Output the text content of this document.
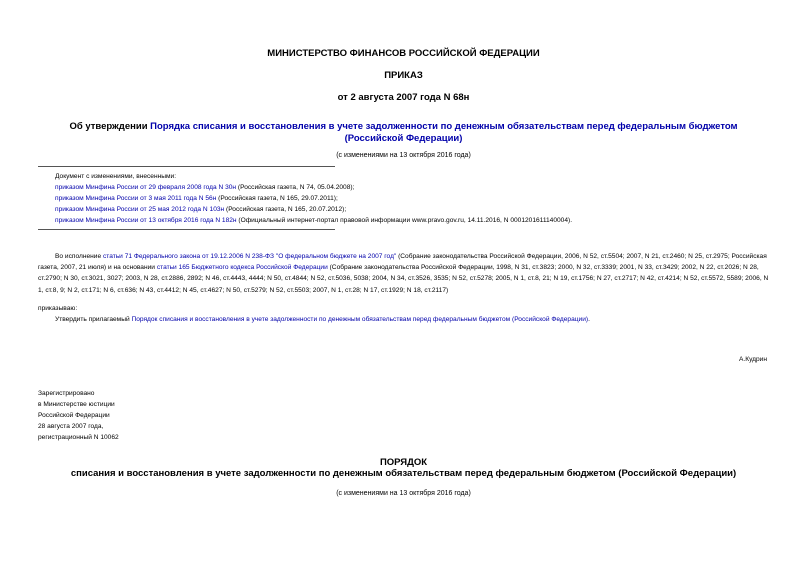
МИНИСТЕРСТВО ФИНАНСОВ РОССИЙСКОЙ ФЕДЕРАЦИИ
ПРИКАЗ
от 2 августа 2007 года N 68н
Об утверждении Порядка списания и восстановления в учете задолженности по денежным обязательствам перед федеральным бюджетом (Российской Федерации)
(с изменениями на 13 октября 2016 года)
Документ с изменениями, внесенными:
приказом Минфина России от 29 февраля 2008 года N 30н (Российская газета, N 74, 05.04.2008);
приказом Минфина России от 3 мая 2011 года N 56н (Российская газета, N 165, 29.07.2011);
приказом Минфина России от 25 мая 2012 года N 103н (Российская газета, N 165, 20.07.2012);
приказом Минфина России от 13 октября 2016 года N 182н (Официальный интернет-портал правовой информации www.pravo.gov.ru, 14.11.2016, N 0001201611140004).
Во исполнение статьи 71 Федерального закона от 19.12.2006 N 238-ФЗ "О федеральном бюджете на 2007 год" (Собрание законодательства Российской Федерации, 2006, N 52, ст.5504; 2007, N 21, ст.2460; N 25, ст.2975; Российская газета, 2007, 21 июля) и на основании статьи 165 Бюджетного кодекса Российской Федерации (Собрание законодательства Российской Федерации, 1998, N 31, ст.3823; 2000, N 32, ст.3339; 2001, N 33, ст.3429; 2002, N 22, ст.2026; N 28, ст.2790; N 30, ст.3021, 3027; 2003, N 28, ст.2886, 2892; N 46, ст.4443, 4444; N 50, ст.4844; N 52, ст.5036, 5038; 2004, N 34, ст.3526, 3535; N 52, ст.5278; 2005, N 1, ст.8, 21; N 19, ст.1756; N 27, ст.2717; N 42, ст.4214; N 52, ст.5572, 5589; 2006, N 1, ст.8, 9; N 2, ст.171; N 6, ст.636; N 43, ст.4412; N 45, ст.4627; N 50, ст.5279; N 52, ст.5503; 2007, N 1, ст.28; N 17, ст.1929; N 18, ст.2117)
приказываю:
Утвердить прилагаемый Порядок списания и восстановления в учете задолженности по денежным обязательствам перед федеральным бюджетом (Российской Федерации).
А.Кудрин
Зарегистрировано
в Министерстве юстиции
Российской Федерации
28 августа 2007 года,
регистрационный N 10062
ПОРЯДОК
списания и восстановления в учете задолженности по денежным обязательствам перед федеральным бюджетом (Российской Федерации)
(с изменениями на 13 октября 2016 года)
